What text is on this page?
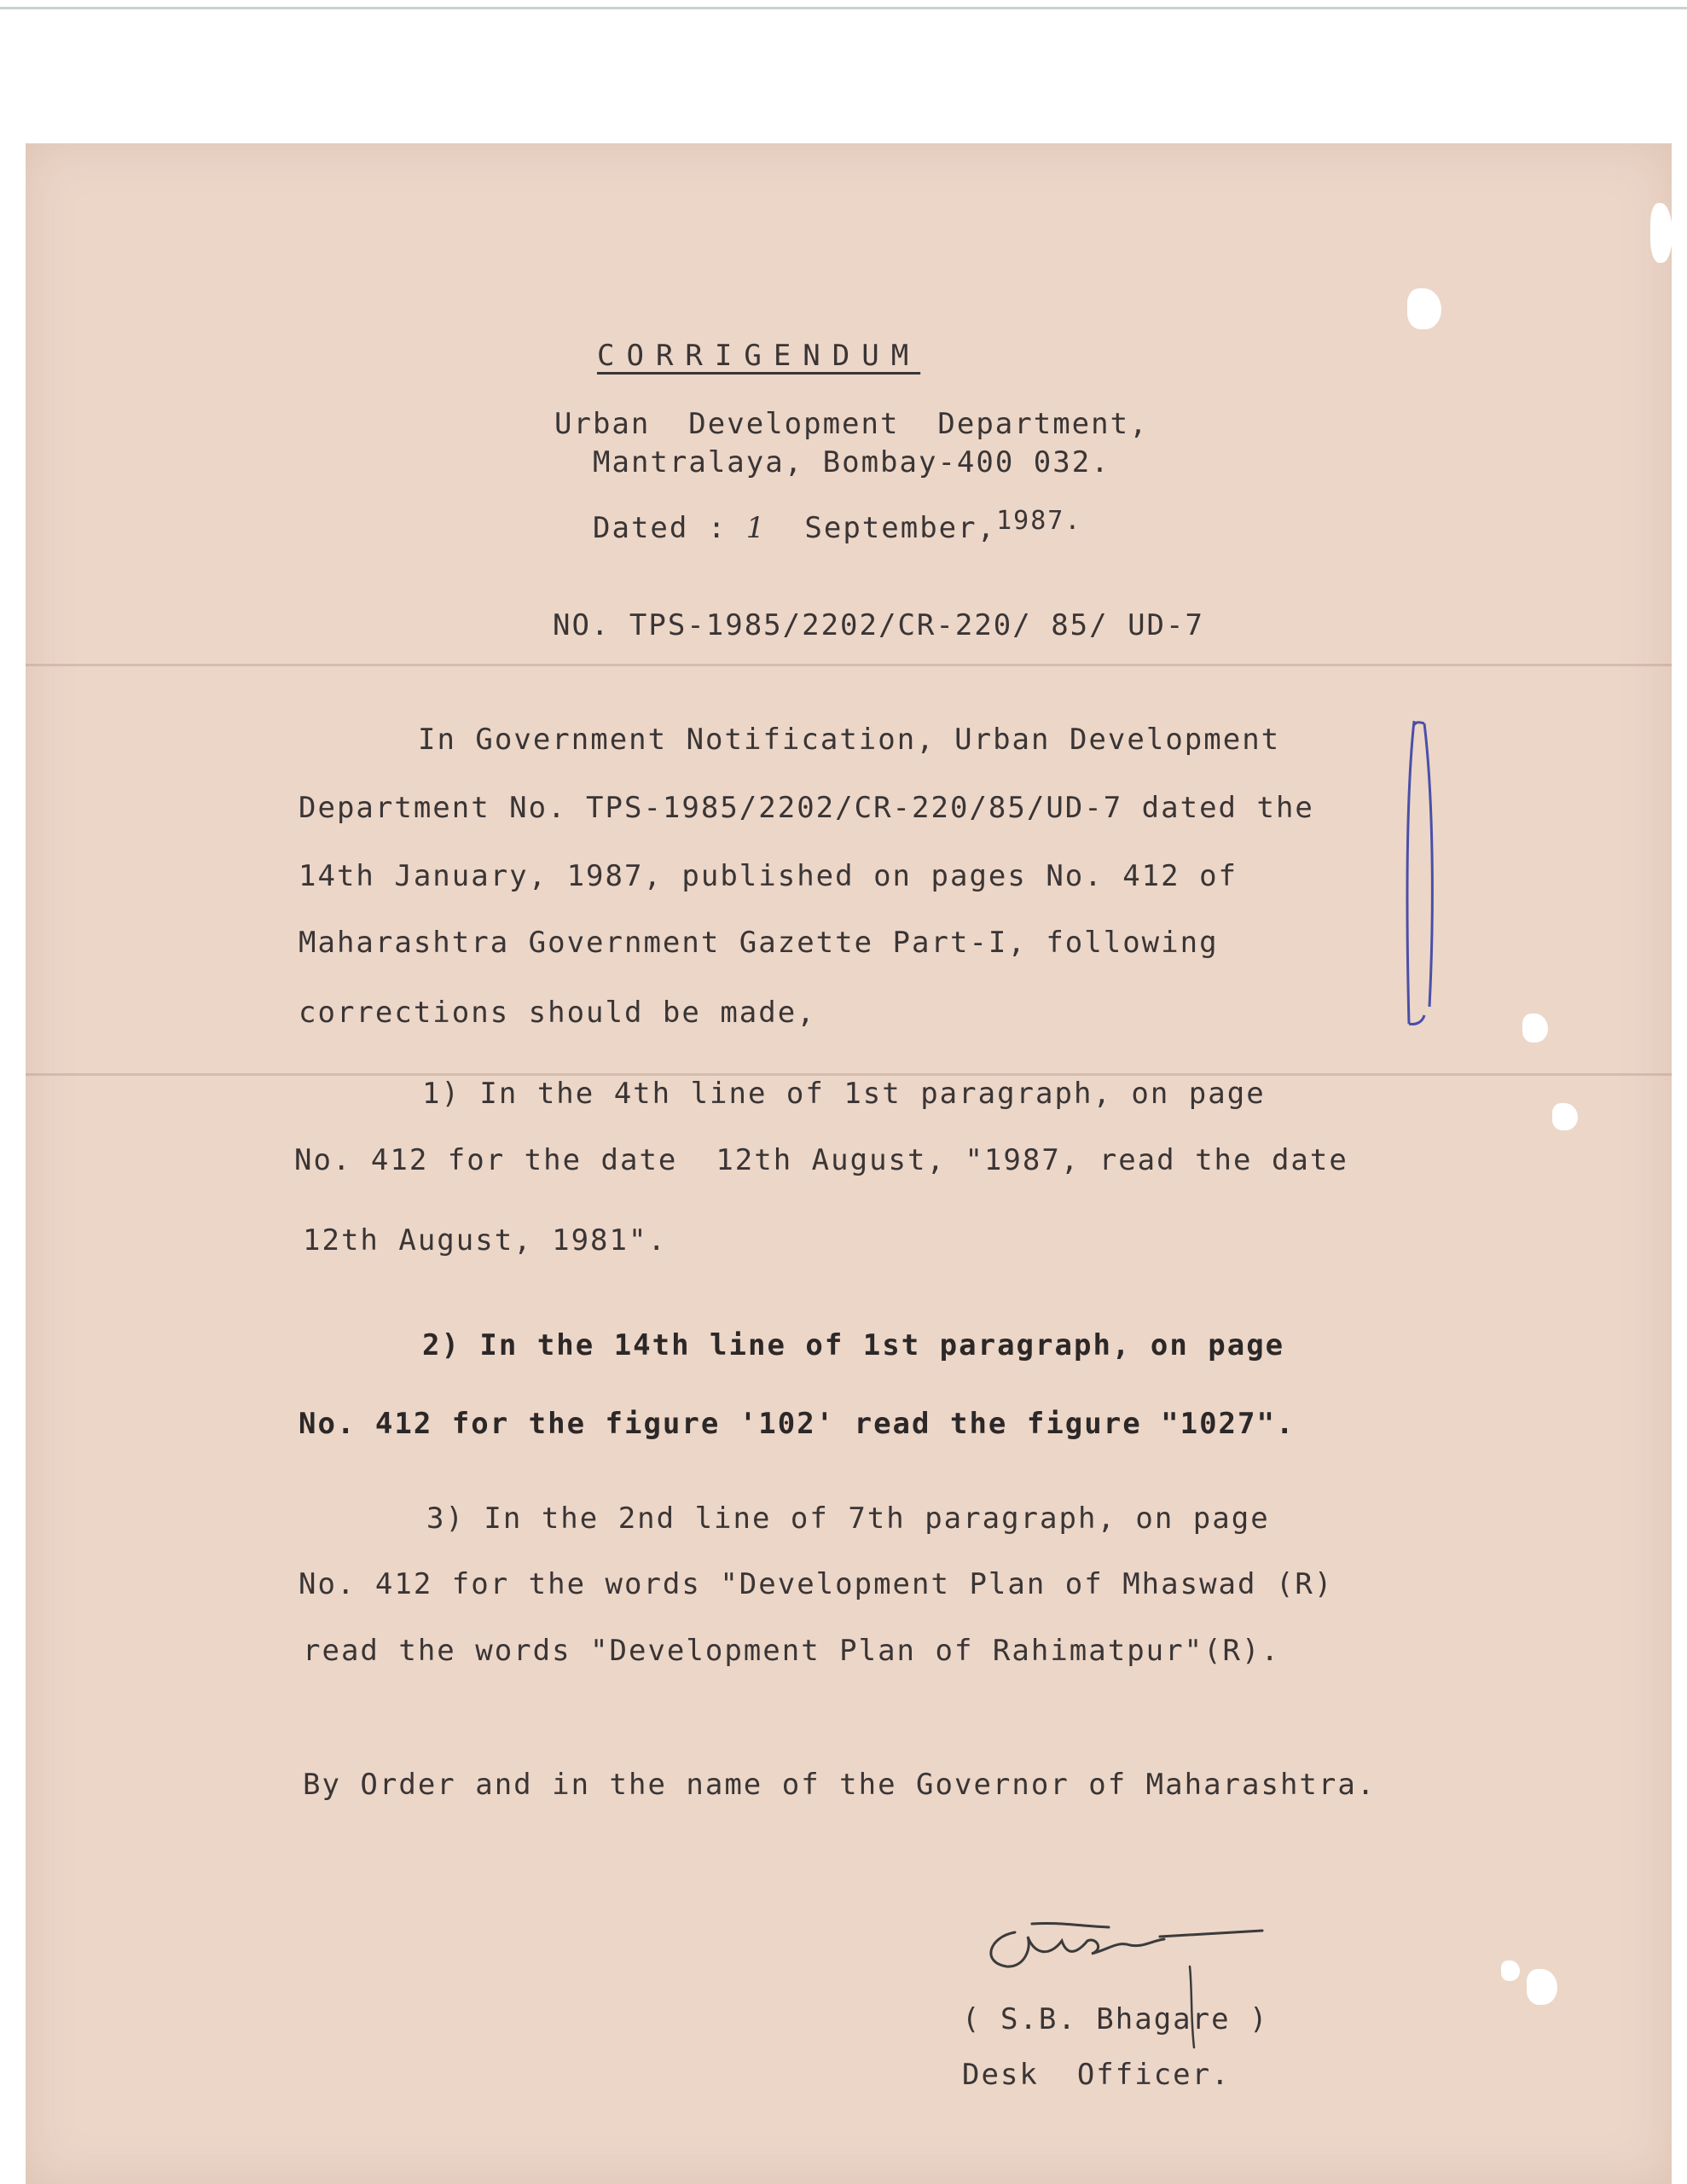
CORRIGENDUM
Urban  Development  Department,
Mantralaya, Bombay-400 032.
Dated : 1 September,1987.
NO. TPS-1985/2202/CR-220/ 85/ UD-7
In Government Notification, Urban Development
Department No. TPS-1985/2202/CR-220/85/UD-7 dated the
14th January, 1987, published on pages No. 412 of
Maharashtra Government Gazette Part-I, following
corrections should be made,
1) In the 4th line of 1st paragraph, on page
No. 412 for the date  12th August, "1987, read the date
12th August, 1981".
2) In the 14th line of 1st paragraph, on page
No. 412 for the figure '102' read the figure "1027".
3) In the 2nd line of 7th paragraph, on page
No. 412 for the words "Development Plan of Mhaswad (R)
read the words "Development Plan of Rahimatpur"(R).
By Order and in the name of the Governor of Maharashtra.
( S.B. Bhagare )
Desk  Officer.
